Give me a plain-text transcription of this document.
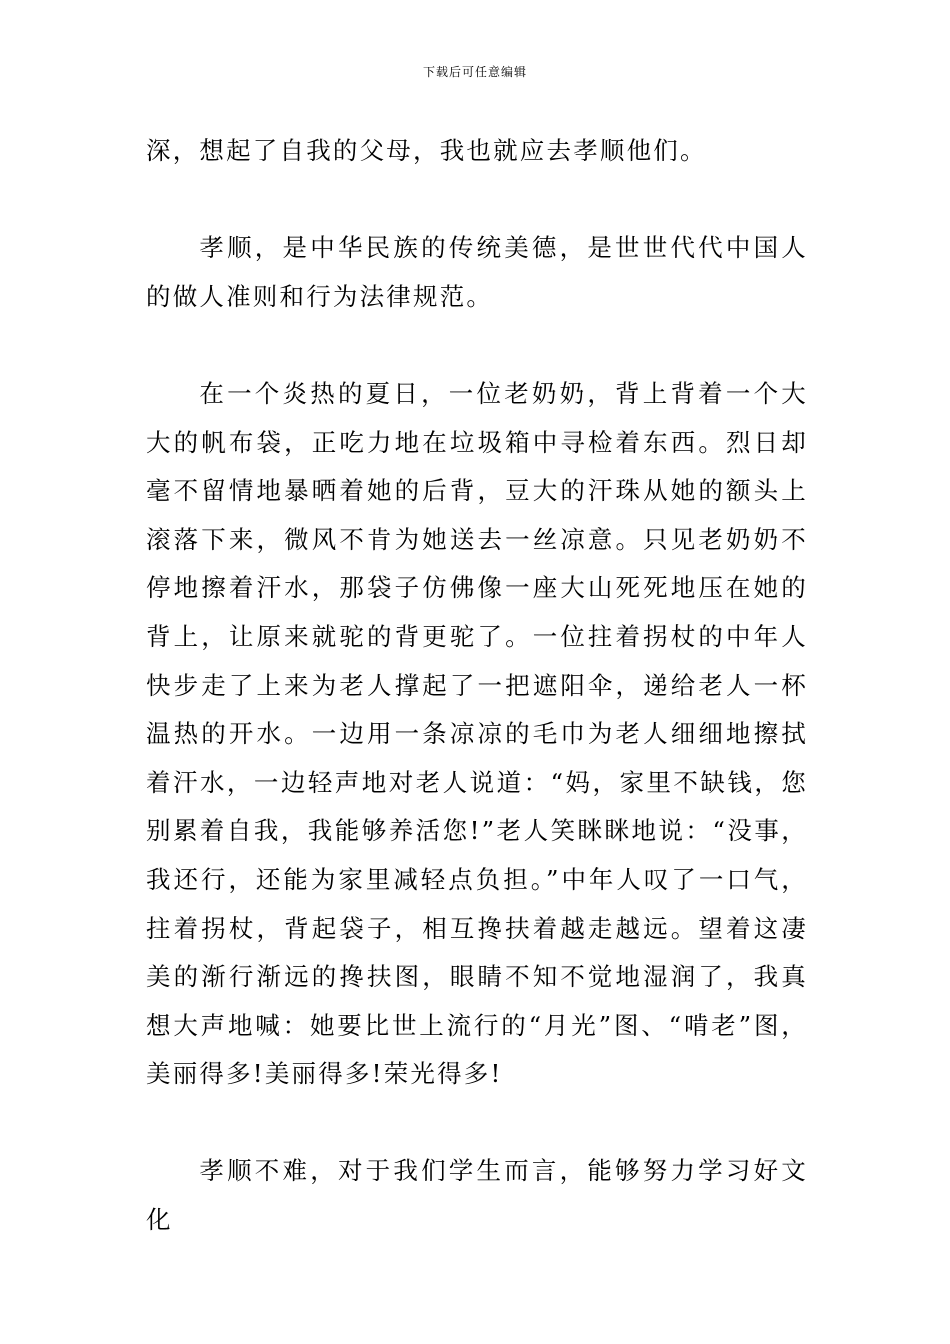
下载后可任意编辑

深，想起了自我的父母，我也就应去孝顺他们。

孝顺，是中华民族的传统美德，是世世代代中国人的做人准则和行为法律规范。

在一个炎热的夏日，一位老奶奶，背上背着一个大大的帆布袋，正吃力地在垃圾箱中寻检着东西。烈日却毫不留情地暴晒着她的后背，豆大的汗珠从她的额头上滚落下来，微风不肯为她送去一丝凉意。只见老奶奶不停地擦着汗水，那袋子仿佛像一座大山死死地压在她的背上，让原来就驼的背更驼了。一位拄着拐杖的中年人快步走了上来为老人撑起了一把遮阳伞，递给老人一杯温热的开水。一边用一条凉凉的毛巾为老人细细地擦拭着汗水，一边轻声地对老人说道：“妈，家里不缺钱，您别累着自我，我能够养活您!”老人笑眯眯地说：“没事，我还行，还能为家里减轻点负担。”中年人叹了一口气，拄着拐杖，背起袋子，相互搀扶着越走越远。望着这凄美的渐行渐远的搀扶图，眼睛不知不觉地湿润了，我真想大声地喊：她要比世上流行的“月光”图、“啃老”图，美丽得多!美丽得多!荣光得多!

孝顺不难，对于我们学生而言，能够努力学习好文化
